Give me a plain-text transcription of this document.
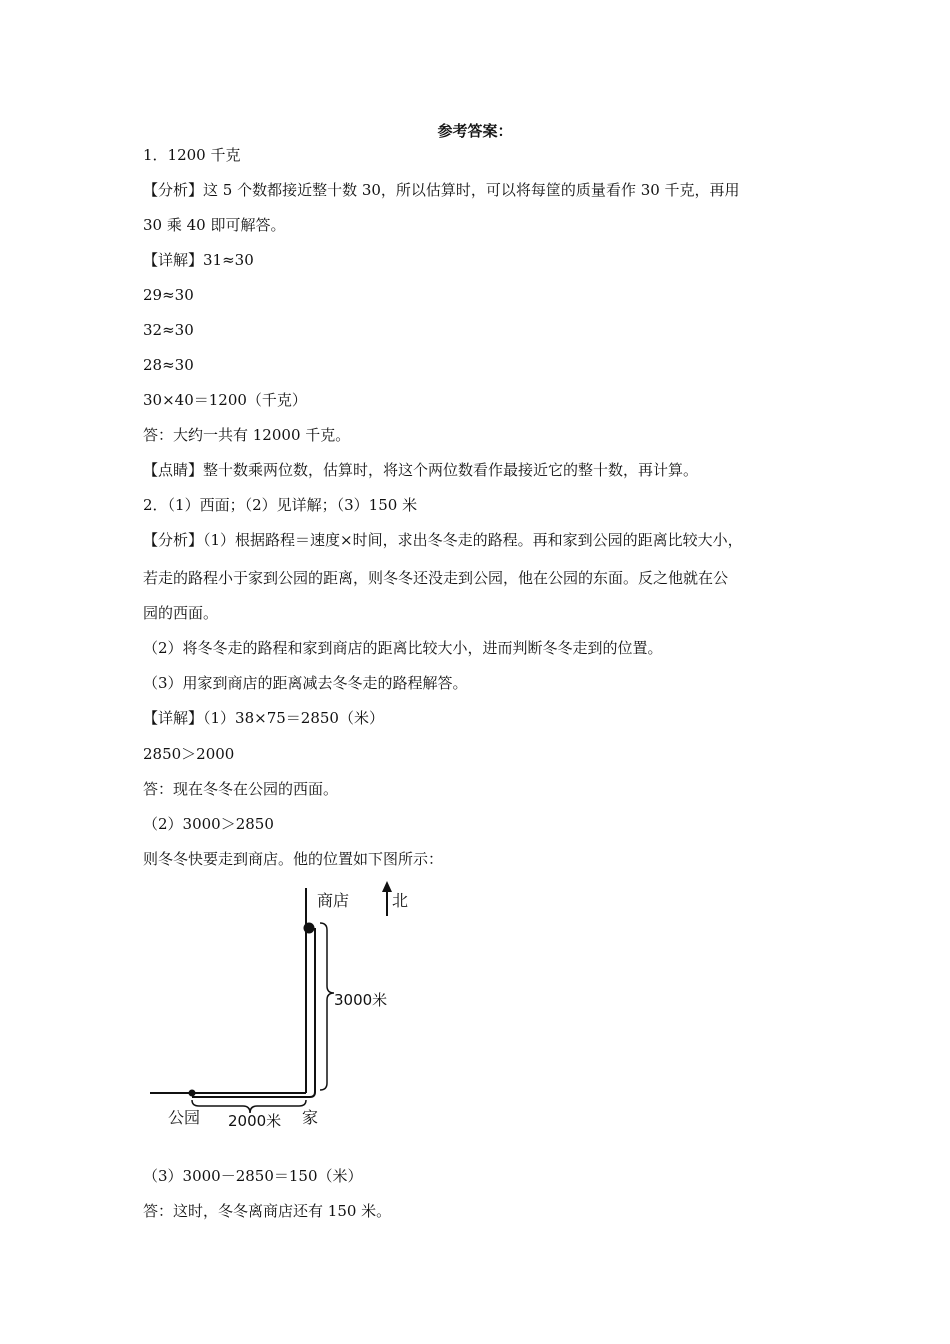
参考答案：
1．1200 千克
【分析】这 5 个数都接近整十数 30，所以估算时，可以将每筐的质量看作 30 千克，再用
30 乘 40 即可解答。
【详解】31≈30
29≈30
32≈30
28≈30
30×40＝1200（千克）
答：大约一共有 12000 千克。
【点睛】整十数乘两位数，估算时，将这个两位数看作最接近它的整十数，再计算。
2．（1）西面；（2）见详解；（3）150 米
【分析】（1）根据路程＝速度×时间，求出冬冬走的路程。再和家到公园的距离比较大小，
若走的路程小于家到公园的距离，则冬冬还没走到公园，他在公园的东面。反之他就在公
园的西面。
（2）将冬冬走的路程和家到商店的距离比较大小，进而判断冬冬走到的位置。
（3）用家到商店的距离减去冬冬走的路程解答。
【详解】（1）38×75＝2850（米）
2850＞2000
答：现在冬冬在公园的西面。
（2）3000＞2850
则冬冬快要走到商店。他的位置如下图所示：
商店	北
3000米
公园 2000米 家
（3）3000－2850＝150（米）
答：这时，冬冬离商店还有 150 米。
